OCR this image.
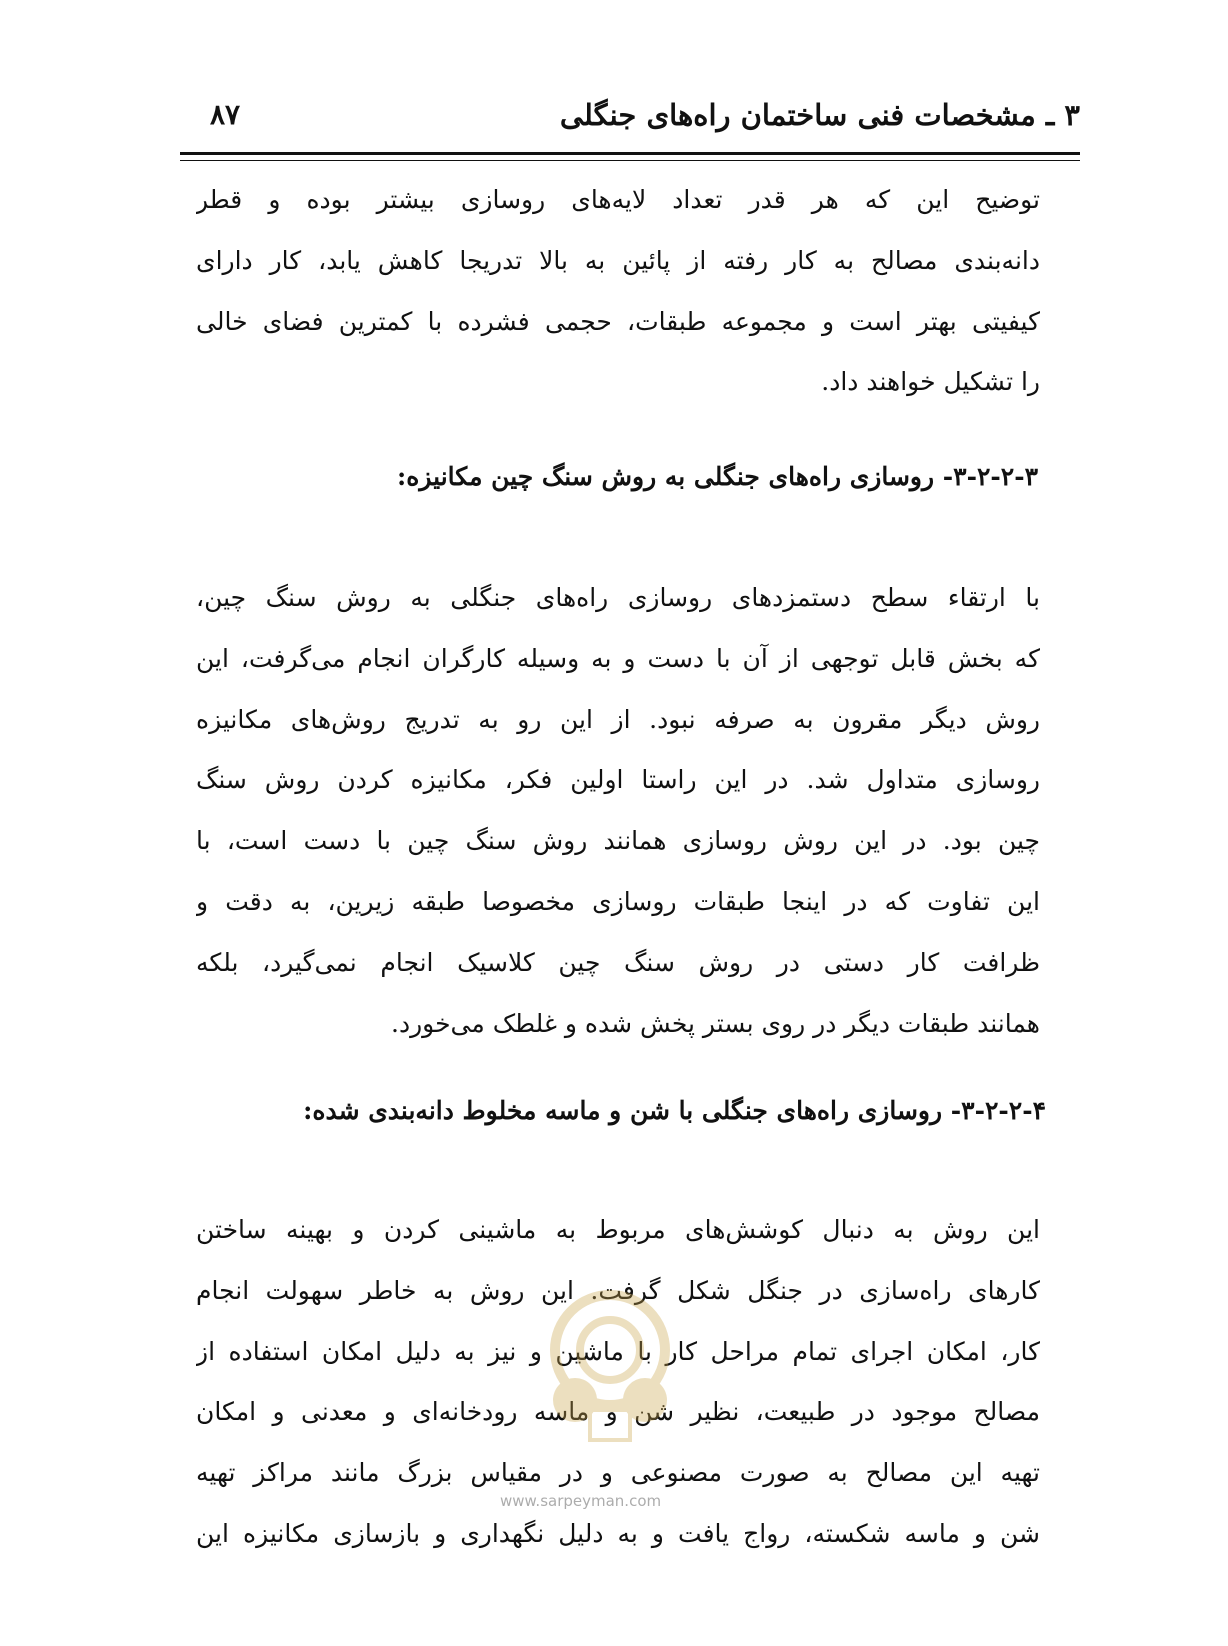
۳ ـ مشخصات فنی ساختمان راه‌های جنگلی
۸۷
توضیح این که هر قدر تعداد لایه‌های روسازی بیشتر بوده و قطر
دانه‌بندی مصالح به کار رفته از پائین به بالا تدریجا کاهش یابد، کار دارای
کیفیتی بهتر است و مجموعه طبقات، حجمی فشرده با کمترین فضای خالی
را تشکیل خواهند داد.
۳-۲-۲-۳- روسازی راه‌های جنگلی به روش سنگ چین مکانیزه:
با ارتقاء سطح دستمزدهای روسازی راه‌های جنگلی به روش سنگ چین،
که بخش قابل توجهی از آن با دست و به وسیله کارگران انجام می‌گرفت، این
روش دیگر مقرون به صرفه نبود. از این رو به تدریج روش‌های مکانیزه
روسازی متداول شد. در این راستا اولین فکر، مکانیزه کردن روش سنگ
چین بود. در این روش روسازی همانند روش سنگ چین با دست است، با
این تفاوت که در اینجا طبقات روسازی مخصوصا طبقه زیرین، به دقت و
ظرافت کار دستی در روش سنگ چین کلاسیک انجام نمی‌گیرد، بلکه
همانند طبقات دیگر در روی بستر پخش شده و غلطک می‌خورد.
۳-۲-۲-۴- روسازی راه‌های جنگلی با شن و ماسه مخلوط دانه‌بندی شده:
این روش به دنبال کوشش‌های مربوط به ماشینی کردن و بهینه ساختن
کارهای راه‌سازی در جنگل شکل گرفت. این روش به خاطر سهولت انجام
کار، امکان اجرای تمام مراحل کار با ماشین و نیز به دلیل امکان استفاده از
مصالح موجود در طبیعت، نظیر شن و ماسه رودخانه‌ای و معدنی و امکان
تهیه این مصالح به صورت مصنوعی و در مقیاس بزرگ مانند مراکز تهیه
شن و ماسه شکسته، رواج یافت و به دلیل نگهداری و بازسازی مکانیزه این
www.sarpeyman.com
